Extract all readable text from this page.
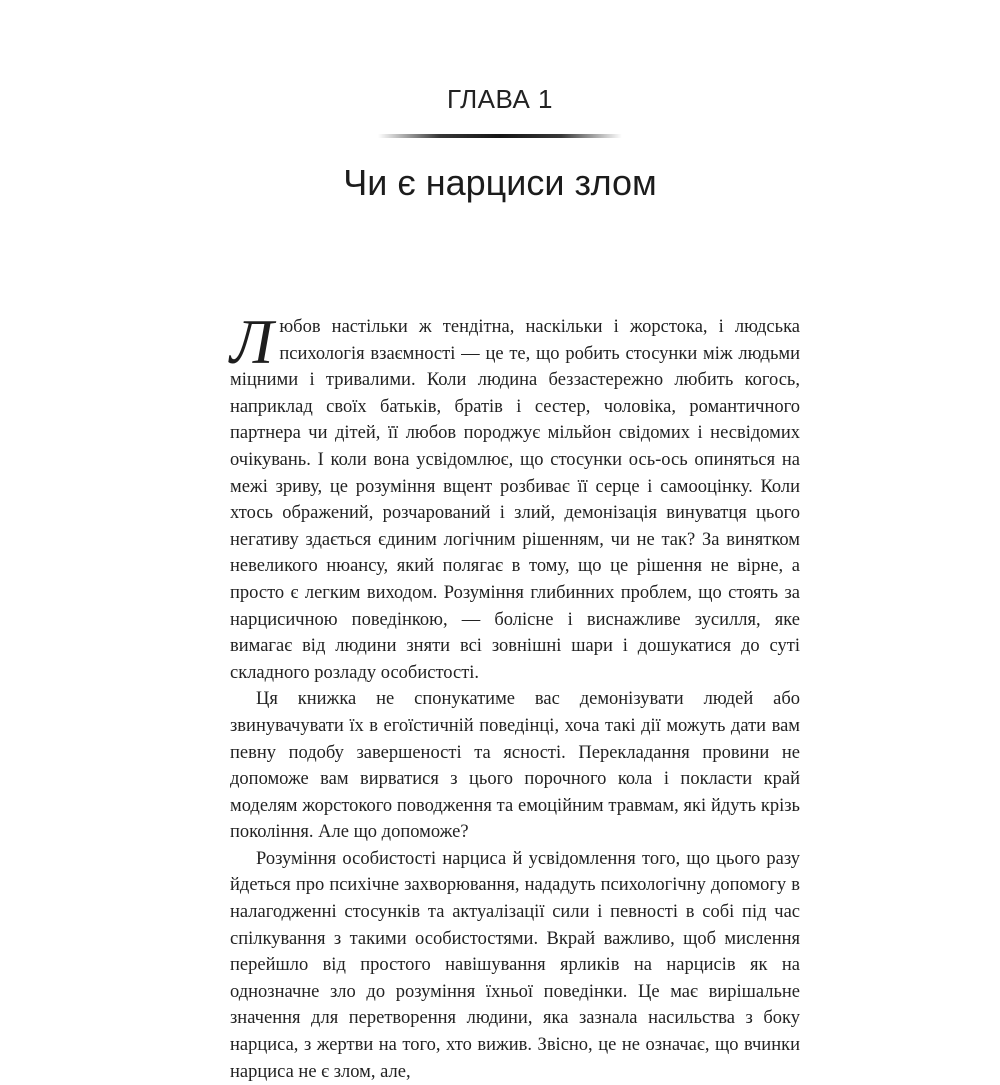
ГЛАВА 1
Чи є нарциси злом

Любов настільки ж тендітна, наскільки і жорстока, і людська психологія взаємності — це те, що робить стосунки між людьми міцними і тривалими. Коли людина беззастережно любить когось, наприклад своїх батьків, братів і сестер, чоловіка, романтичного партнера чи дітей, її любов породжує мільйон свідомих і несвідомих очікувань. І коли вона усвідомлює, що стосунки ось-ось опиняться на межі зриву, це розуміння вщент розбиває її серце і самооцінку. Коли хтось ображений, розчарований і злий, демонізація винуватця цього негативу здається єдиним логічним рішенням, чи не так? За винятком невеликого нюансу, який полягає в тому, що це рішення не вірне, а просто є легким виходом. Розуміння глибинних проблем, що стоять за нарцисичною поведінкою, — болісне і виснажливе зусилля, яке вимагає від людини зняти всі зовнішні шари і дошукатися до суті складного розладу особистості.

Ця книжка не спонукатиме вас демонізувати людей або звинувачувати їх в егоїстичній поведінці, хоча такі дії можуть дати вам певну подобу завершеності та ясності. Перекладання провини не допоможе вам вирватися з цього порочного кола і покласти край моделям жорстокого поводження та емоційним травмам, які йдуть крізь покоління. Але що допоможе?

Розуміння особистості нарциса й усвідомлення того, що цього разу йдеться про психічне захворювання, нададуть психологічну допомогу в налагодженні стосунків та актуалізації сили і певності в собі під час спілкування з такими особистостями. Вкрай важливо, щоб мислення перейшло від простого навішування ярликів на нарцисів як на однозначне зло до розуміння їхньої поведінки. Це має вирішальне значення для перетворення людини, яка зазнала насильства з боку нарциса, з жертви на того, хто вижив. Звісно, це не означає, що вчинки нарциса не є злом, але,
